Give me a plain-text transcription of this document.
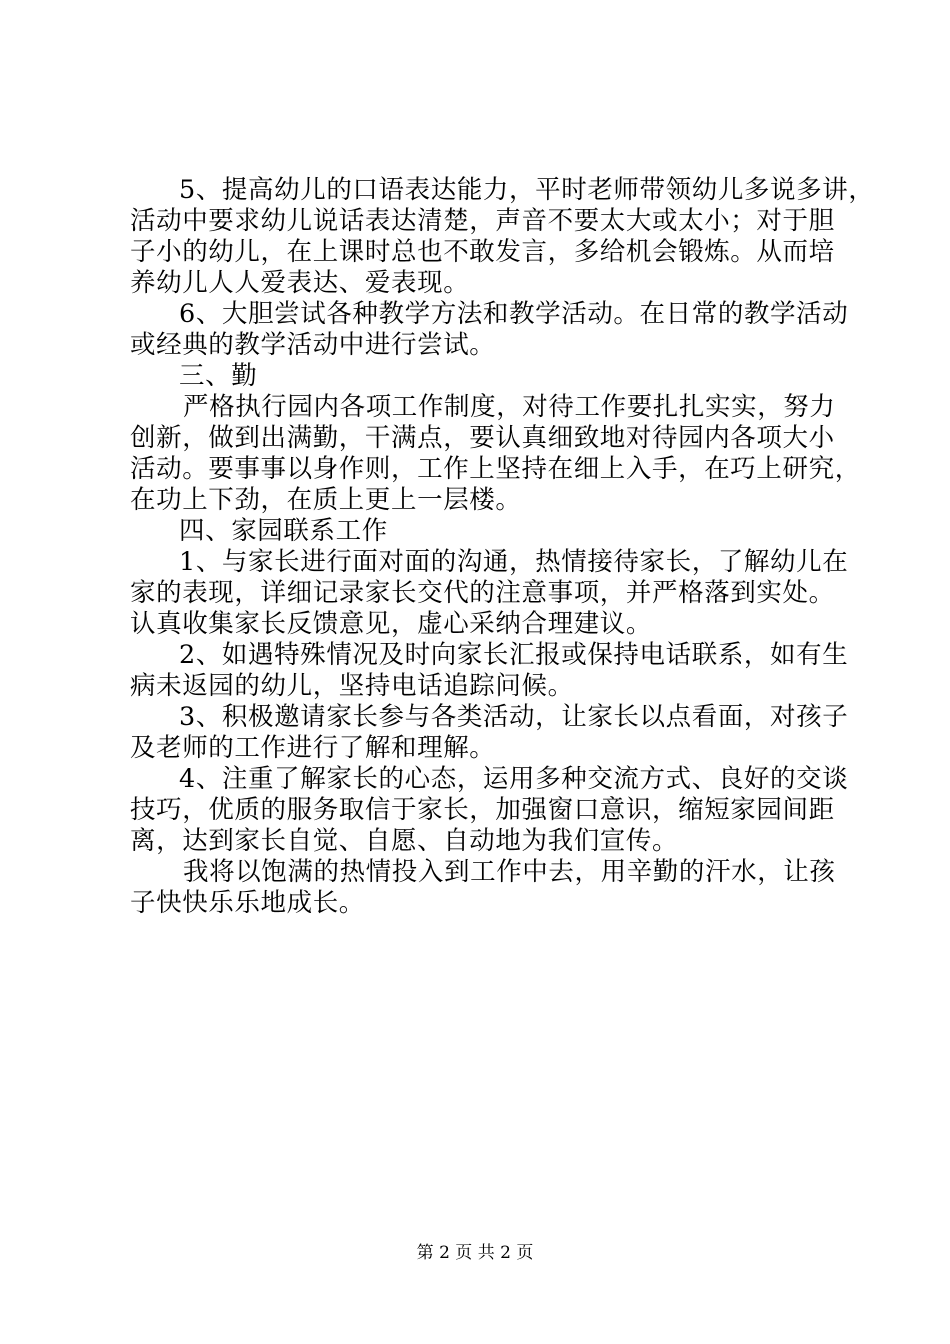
5、提高幼儿的口语表达能力，平时老师带领幼儿多说多讲，
活动中要求幼儿说话表达清楚，声音不要太大或太小；对于胆
子小的幼儿，在上课时总也不敢发言，多给机会锻炼。从而培
养幼儿人人爱表达、爱表现。
6、大胆尝试各种教学方法和教学活动。在日常的教学活动
或经典的教学活动中进行尝试。
三、勤
严格执行园内各项工作制度，对待工作要扎扎实实，努力
创新，做到出满勤，干满点，要认真细致地对待园内各项大小
活动。要事事以身作则，工作上坚持在细上入手，在巧上研究，
在功上下劲，在质上更上一层楼。
四、家园联系工作
1、与家长进行面对面的沟通，热情接待家长，了解幼儿在
家的表现，详细记录家长交代的注意事项，并严格落到实处。
认真收集家长反馈意见，虚心采纳合理建议。
2、如遇特殊情况及时向家长汇报或保持电话联系，如有生
病未返园的幼儿，坚持电话追踪问候。
3、积极邀请家长参与各类活动，让家长以点看面，对孩子
及老师的工作进行了解和理解。
4、注重了解家长的心态，运用多种交流方式、良好的交谈
技巧，优质的服务取信于家长，加强窗口意识，缩短家园间距
离，达到家长自觉、自愿、自动地为我们宣传。
我将以饱满的热情投入到工作中去，用辛勤的汗水，让孩
子快快乐乐地成长。
第 2 页 共 2 页
